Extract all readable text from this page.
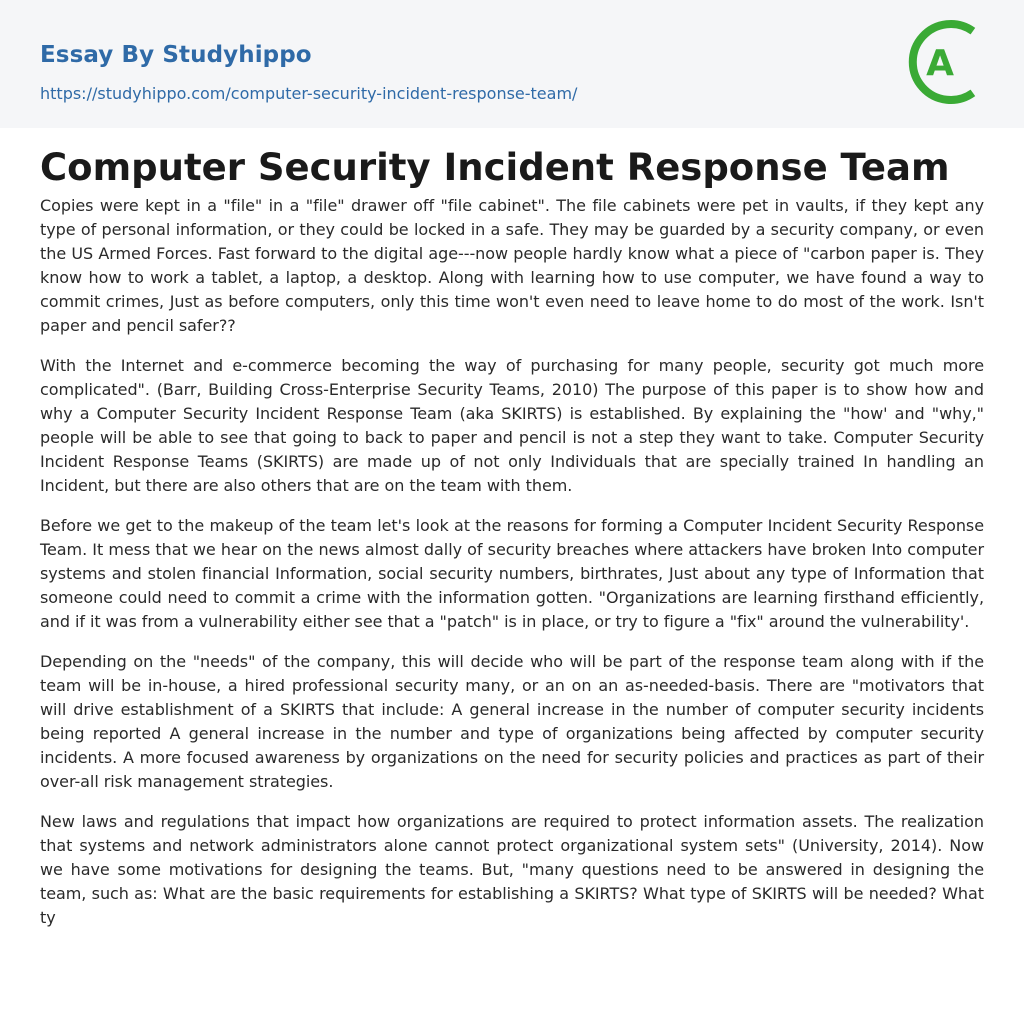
Essay By Studyhippo
https://studyhippo.com/computer-security-incident-response-team/
A
Computer Security Incident Response Team

Copies were kept in a "file" in a "file" drawer off "file cabinet". The file cabinets were pet in vaults, if they kept any type of personal information, or they could be locked in a safe. They may be guarded by a security company, or even the US Armed Forces. Fast forward to the digital age---now people hardly know what a piece of "carbon paper is. They know how to work a tablet, a laptop, a desktop. Along with learning how to use computer, we have found a way to commit crimes, Just as before computers, only this time won't even need to leave home to do most of the work. Isn't paper and pencil safer??

With the Internet and e-commerce becoming the way of purchasing for many people, security got much more complicated". (Barr, Building Cross-Enterprise Security Teams, 2010) The purpose of this paper is to show how and why a Computer Security Incident Response Team (aka SKIRTS) is established. By explaining the "how' and "why," people will be able to see that going to back to paper and pencil is not a step they want to take. Computer Security Incident Response Teams (SKIRTS) are made up of not only Individuals that are specially trained In handling an Incident, but there are also others that are on the team with them.

Before we get to the makeup of the team let's look at the reasons for forming a Computer Incident Security Response Team. It mess that we hear on the news almost dally of security breaches where attackers have broken Into computer systems and stolen financial Information, social security numbers, birthrates, Just about any type of Information that someone could need to commit a crime with the information gotten. "Organizations are learning firsthand efficiently, and if it was from a vulnerability either see that a "patch" is in place, or try to figure a "fix" around the vulnerability'.

Depending on the "needs" of the company, this will decide who will be part of the response team along with if the team will be in-house, a hired professional security many, or an on an as-needed-basis. There are "motivators that will drive establishment of a SKIRTS that include: A general increase in the number of computer security incidents being reported A general increase in the number and type of organizations being affected by computer security incidents. A more focused awareness by organizations on the need for security policies and practices as part of their over-all risk management strategies.

New laws and regulations that impact how organizations are required to protect information assets. The realization that systems and network administrators alone cannot protect organizational system sets" (University, 2014). Now we have some motivations for designing the teams. But, "many questions need to be answered in designing the team, such as: What are the basic requirements for establishing a SKIRTS? What type of SKIRTS will be needed? What ty
